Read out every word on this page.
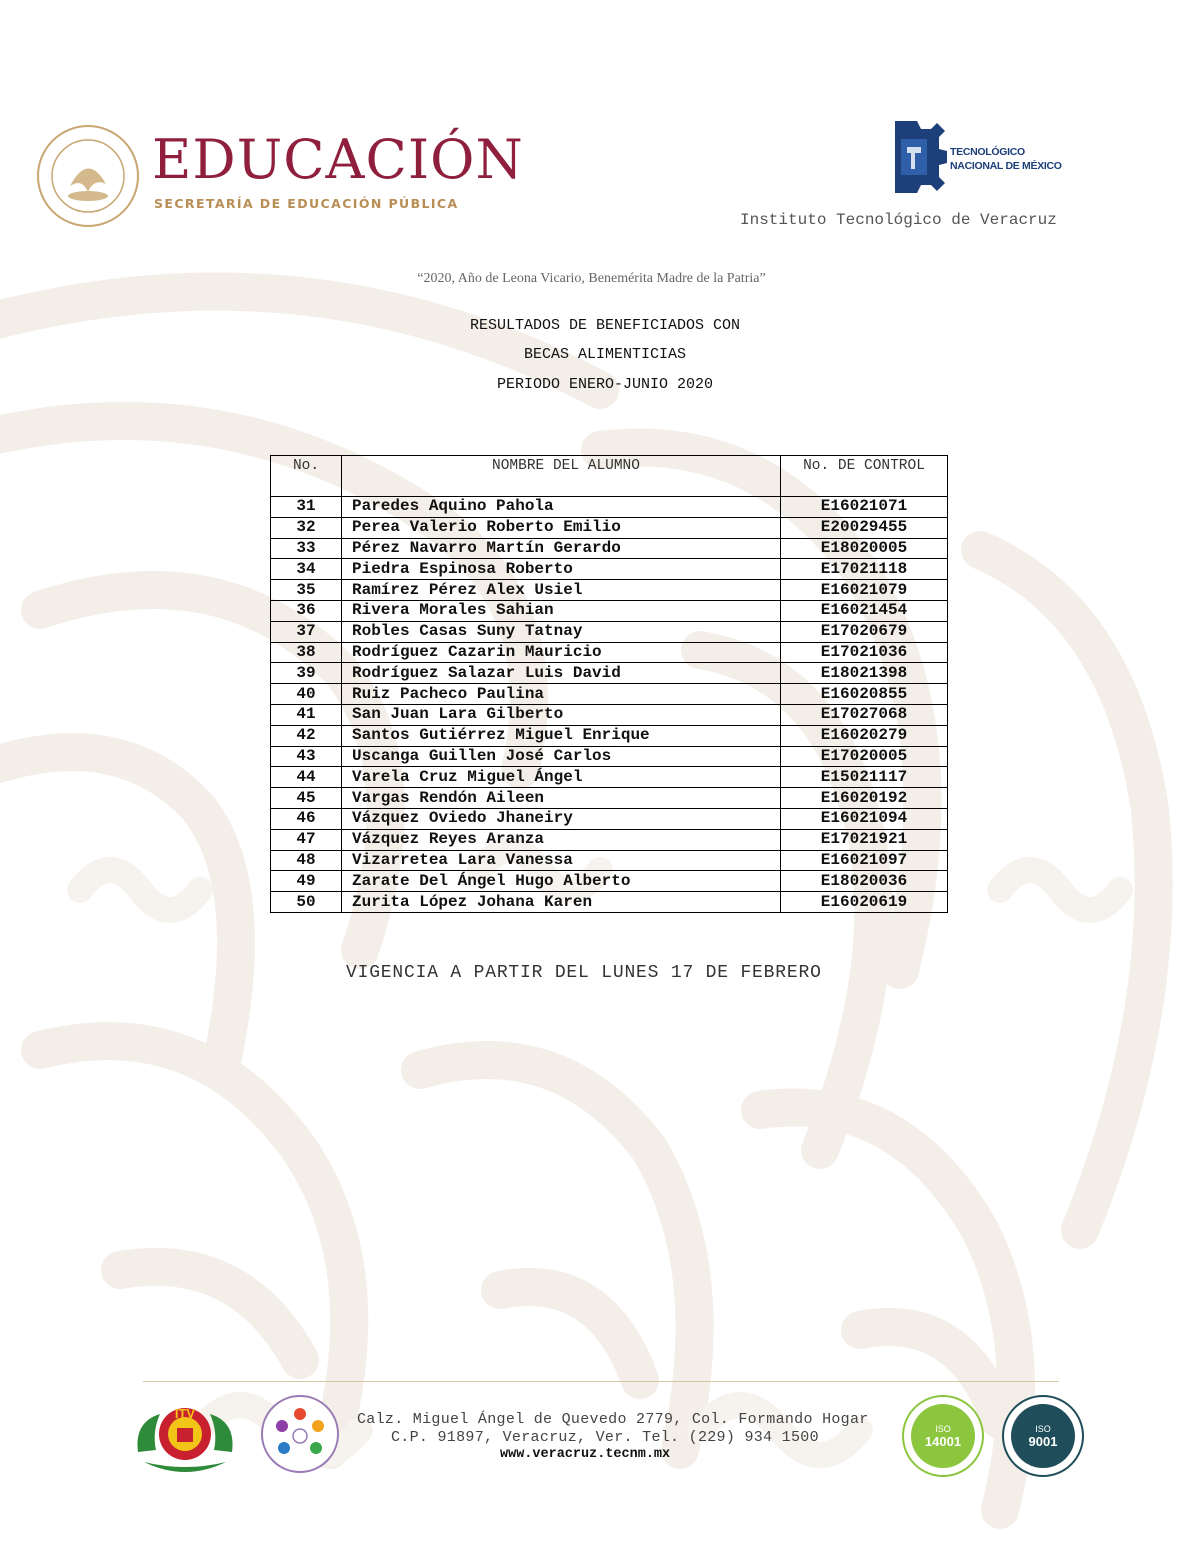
EDUCACIÓN
SECRETARÍA DE EDUCACIÓN PÚBLICA
TECNOLÓGICO
NACIONAL DE MÉXICO
Instituto Tecnológico de Veracruz
“2020, Año de Leona Vicario, Benemérita Madre de la Patria”
RESULTADOS DE BENEFICIADOS CON
BECAS ALIMENTICIAS
PERIODO ENERO-JUNIO 2020
No.	NOMBRE DEL ALUMNO	No. DE CONTROL
31	Paredes Aquino Pahola	E16021071
32	Perea Valerio Roberto Emilio	E20029455
33	Pérez Navarro Martín Gerardo	E18020005
34	Piedra Espinosa Roberto	E17021118
35	Ramírez Pérez Alex Usiel	E16021079
36	Rivera Morales Sahian	E16021454
37	Robles Casas Suny Tatnay	E17020679
38	Rodríguez Cazarin Mauricio	E17021036
39	Rodríguez Salazar Luis David	E18021398
40	Ruiz Pacheco Paulina	E16020855
41	San Juan Lara Gilberto	E17027068
42	Santos Gutiérrez Miguel Enrique	E16020279
43	Uscanga Guillen José Carlos	E17020005
44	Varela Cruz Miguel Ángel	E15021117
45	Vargas Rendón Aileen	E16020192
46	Vázquez Oviedo Jhaneiry	E16021094
47	Vázquez Reyes Aranza	E17021921
48	Vizarretea Lara Vanessa	E16021097
49	Zarate Del Ángel Hugo Alberto	E18020036
50	Zurita López Johana Karen	E16020619
VIGENCIA A PARTIR DEL LUNES 17 DE FEBRERO
ITV	Calz. Miguel Ángel de Quevedo 2779, Col. Formando Hogar
C.P. 91897, Veracruz, Ver. Tel. (229) 934 1500
www.veracruz.tecnm.mx
ISO
14001
ISO
9001
